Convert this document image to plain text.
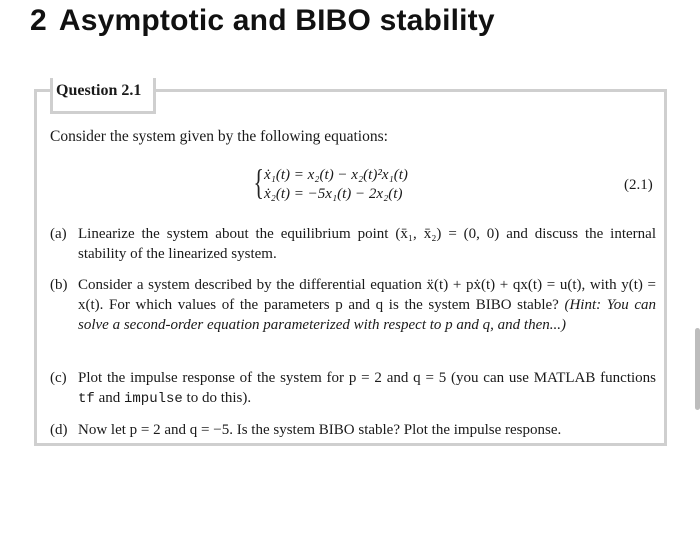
2 Asymptotic and BIBO stability
Question 2.1
Consider the system given by the following equations:
{ ẋ₁(t) = x₂(t) − x₂(t)²x₁(t)
ẋ₂(t) = −5x₁(t) − 2x₂(t)
(2.1)
(a) Linearize the system about the equilibrium point (x̄₁, x̄₂) = (0, 0) and discuss the internal stability of the linearized system.
(b) Consider a system described by the differential equation ẍ(t) + pẋ(t) + qx(t) = u(t), with y(t) = x(t). For which values of the parameters p and q is the system BIBO stable? (Hint: You can solve a second-order equation parameterized with respect to p and q, and then...)
(c) Plot the impulse response of the system for p = 2 and q = 5 (you can use MATLAB functions tf and impulse to do this).
(d) Now let p = 2 and q = −5. Is the system BIBO stable? Plot the impulse response.
